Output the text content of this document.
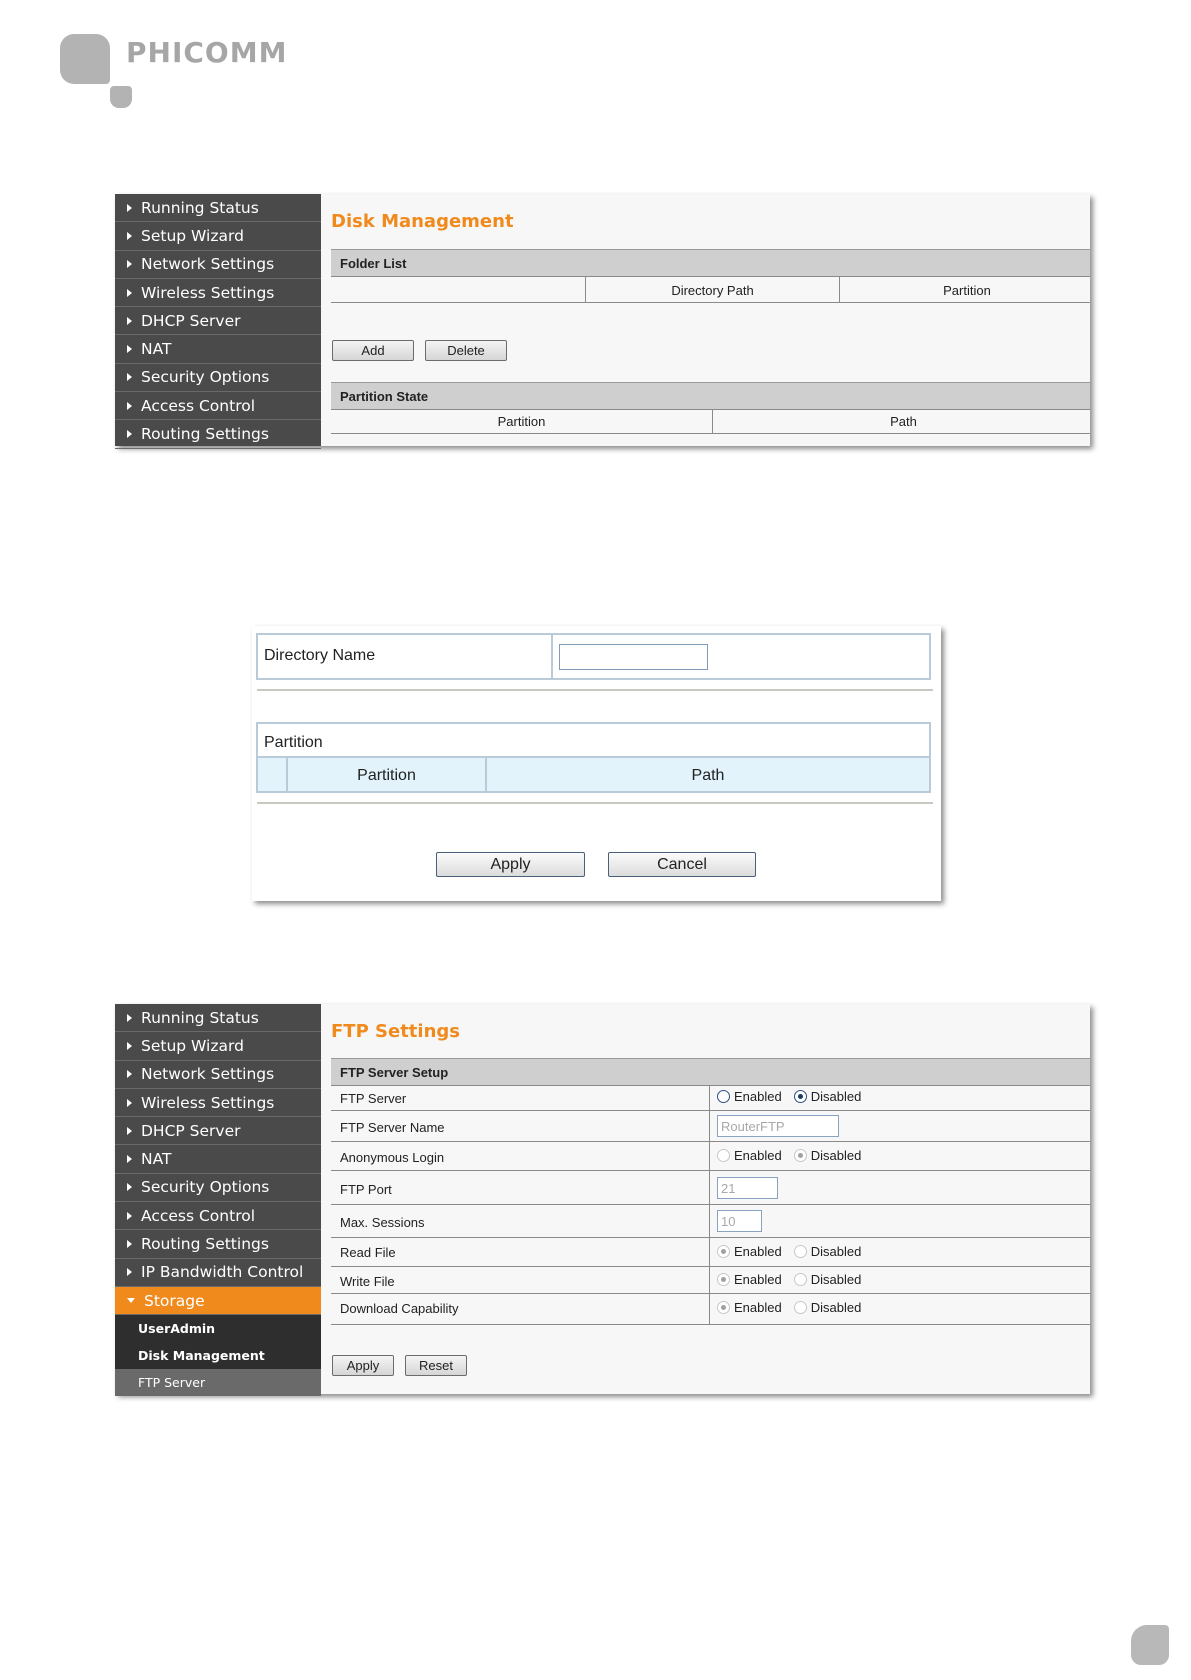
PHICOMM
Running Status
Setup Wizard
Network Settings
Wireless Settings
DHCP Server
NAT
Security Options
Access Control
Routing Settings
Disk Management
Folder List
Directory Path	Partition
Add	Delete
Partition State
Partition	Path
Directory Name
Partition
Partition	Path
Apply	Cancel
Running Status
Setup Wizard
Network Settings
Wireless Settings
DHCP Server
NAT
Security Options
Access Control
Routing Settings
IP Bandwidth Control
Storage
UserAdmin
Disk Management
FTP Server
FTP Settings
FTP Server Setup
FTP Server	Enabled Disabled
FTP Server Name	RouterFTP
Anonymous Login	Enabled Disabled
FTP Port	21
Max. Sessions	10
Read File	Enabled Disabled
Write File	Enabled Disabled
Download Capability	Enabled Disabled
Apply	Reset
